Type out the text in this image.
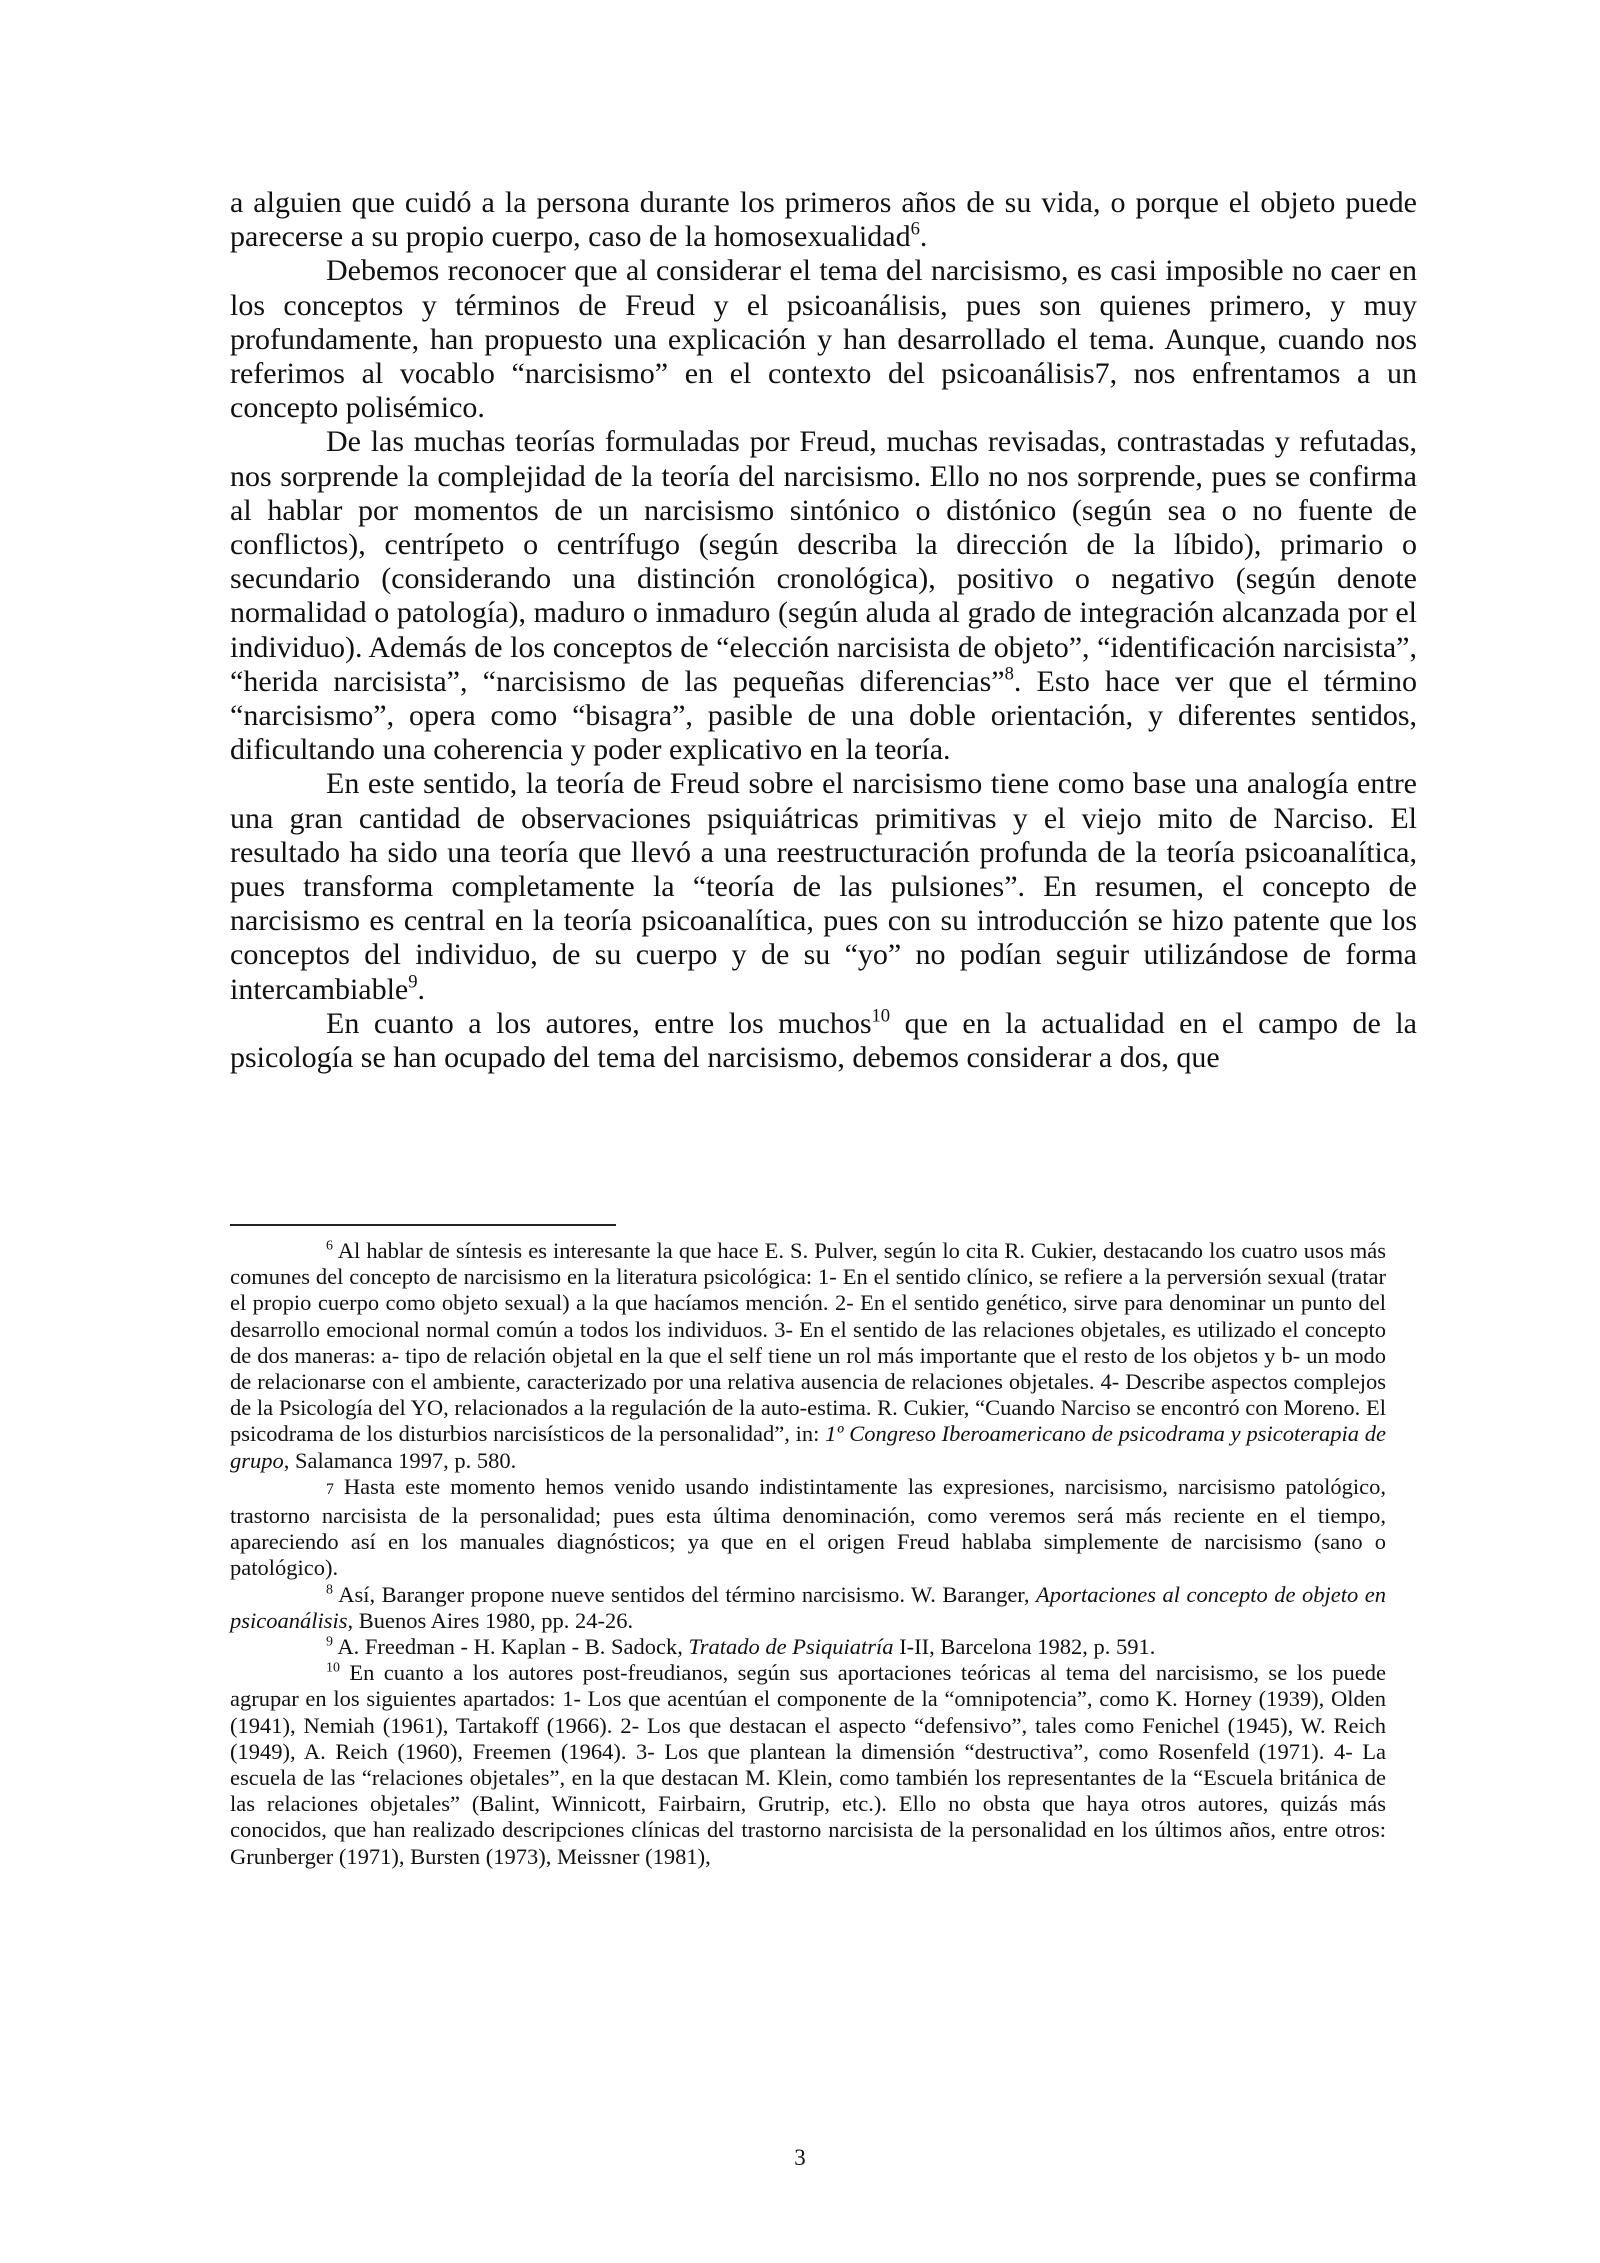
a alguien que cuidó a la persona durante los primeros años de su vida, o porque el objeto puede parecerse a su propio cuerpo, caso de la homosexualidad$^6$.

Debemos reconocer que al considerar el tema del narcisismo, es casi imposible no caer en los conceptos y términos de Freud y el psicoanálisis, pues son quienes primero, y muy profundamente, han propuesto una explicación y han desarrollado el tema. Aunque, cuando nos referimos al vocablo “narcisismo” en el contexto del psicoanálisis7, nos enfrentamos a un concepto polisémico.

De las muchas teorías formuladas por Freud, muchas revisadas, contrastadas y refutadas, nos sorprende la complejidad de la teoría del narcisismo. Ello no nos sorprende, pues se confirma al hablar por momentos de un narcisismo sintónico o distónico (según sea o no fuente de conflictos), centrípeto o centrífugo (según describa la dirección de la líbido), primario o secundario (considerando una distinción cronológica), positivo o negativo (según denote normalidad o patología), maduro o inmaduro (según aluda al grado de integración alcanzada por el individuo). Además de los conceptos de “elección narcisista de objeto”, “identificación narcisista”, “herida narcisista”, “narcisismo de las pequeñas diferencias”$^8$. Esto hace ver que el término “narcisismo”, opera como “bisagra”, pasible de una doble orientación, y diferentes sentidos, dificultando una coherencia y poder explicativo en la teoría.

En este sentido, la teoría de Freud sobre el narcisismo tiene como base una analogía entre una gran cantidad de observaciones psiquiátricas primitivas y el viejo mito de Narciso. El resultado ha sido una teoría que llevó a una reestructuración profunda de la teoría psicoanalítica, pues transforma completamente la “teoría de las pulsiones”. En resumen, el concepto de narcisismo es central en la teoría psicoanalítica, pues con su introducción se hizo patente que los conceptos del individuo, de su cuerpo y de su “yo” no podían seguir utilizándose de forma intercambiable$^9$.

En cuanto a los autores, entre los muchos$^{10}$ que en la actualidad en el campo de la psicología se han ocupado del tema del narcisismo, debemos considerar a dos, que

$^6$ Al hablar de síntesis es interesante la que hace E. S. Pulver, según lo cita R. Cukier, destacando los cuatro usos más comunes del concepto de narcisismo en la literatura psicológica: 1- En el sentido clínico, se refiere a la perversión sexual (tratar el propio cuerpo como objeto sexual) a la que hacíamos mención. 2- En el sentido genético, sirve para denominar un punto del desarrollo emocional normal común a todos los individuos. 3- En el sentido de las relaciones objetales, es utilizado el concepto de dos maneras: a- tipo de relación objetal en la que el self tiene un rol más importante que el resto de los objetos y b- un modo de relacionarse con el ambiente, caracterizado por una relativa ausencia de relaciones objetales. 4- Describe aspectos complejos de la Psicología del YO, relacionados a la regulación de la auto-estima. R. Cukier, “Cuando Narciso se encontró con Moreno. El psicodrama de los disturbios narcisísticos de la personalidad”, in: 1º Congreso Iberoamericano de psicodrama y psicoterapia de grupo, Salamanca 1997, p. 580.

7 Hasta este momento hemos venido usando indistintamente las expresiones, narcisismo, narcisismo patológico, trastorno narcisista de la personalidad; pues esta última denominación, como veremos será más reciente en el tiempo, apareciendo así en los manuales diagnósticos; ya que en el origen Freud hablaba simplemente de narcisismo (sano o patológico).

$^8$ Así, Baranger propone nueve sentidos del término narcisismo. W. Baranger, Aportaciones al concepto de objeto en psicoanálisis, Buenos Aires 1980, pp. 24-26.

$^9$ A. Freedman - H. Kaplan - B. Sadock, Tratado de Psiquiatría I-II, Barcelona 1982, p. 591.

$^{10}$ En cuanto a los autores post-freudianos, según sus aportaciones teóricas al tema del narcisismo, se los puede agrupar en los siguientes apartados: 1- Los que acentúan el componente de la “omnipotencia”, como K. Horney (1939), Olden (1941), Nemiah (1961), Tartakoff (1966). 2- Los que destacan el aspecto “defensivo”, tales como Fenichel (1945), W. Reich (1949), A. Reich (1960), Freemen (1964). 3- Los que plantean la dimensión “destructiva”, como Rosenfeld (1971). 4- La escuela de las “relaciones objetales”, en la que destacan M. Klein, como también los representantes de la “Escuela británica de las relaciones objetales” (Balint, Winnicott, Fairbairn, Grutrip, etc.). Ello no obsta que haya otros autores, quizás más conocidos, que han realizado descripciones clínicas del trastorno narcisista de la personalidad en los últimos años, entre otros: Grunberger (1971), Bursten (1973), Meissner (1981),

3
